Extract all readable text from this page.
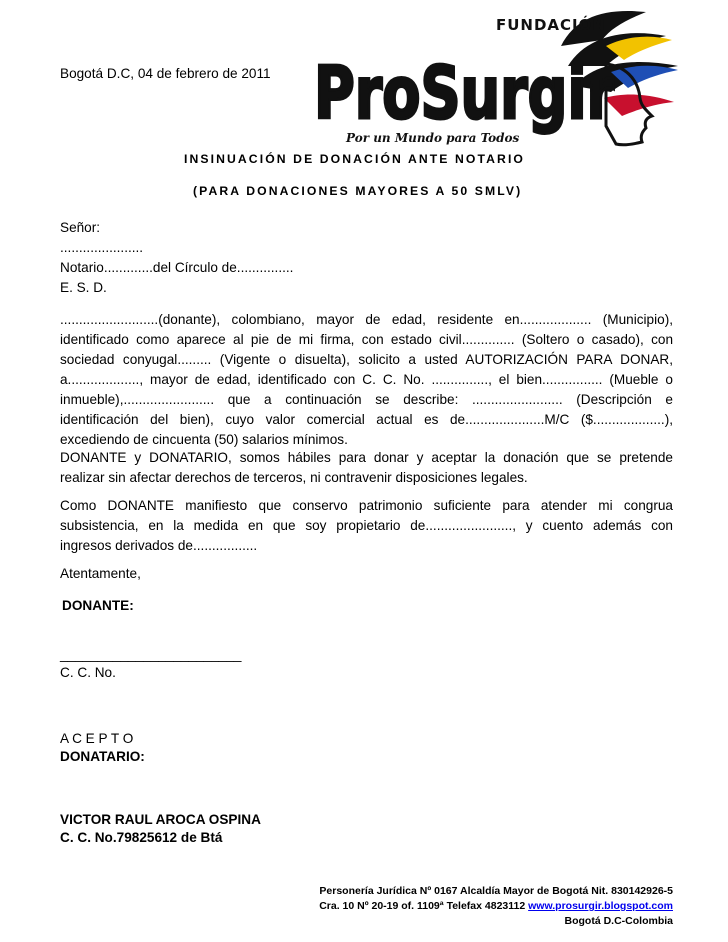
Bogotá D.C, 04 de febrero de 2011
FUNDACIÓN
ProSurgir
Por un Mundo para Todos
INSINUACIÓN DE DONACIÓN ANTE NOTARIO
(PARA DONACIONES MAYORES A 50 SMLV)
Señor:
......................
Notario.............del Círculo de...............
E. S. D.
..........................(donante), colombiano, mayor de edad, residente en................... (Municipio),
identificado como aparece al pie de mi firma, con estado civil.............. (Soltero o casado), con
sociedad conyugal......... (Vigente o disuelta), solicito a usted AUTORIZACIÓN PARA DONAR,
a..................., mayor de edad, identificado con C. C. No. ..............., el bien................ (Mueble o
inmueble),........................ que a continuación se describe: ........................ (Descripción e
identificación del bien), cuyo valor comercial actual es de.....................M/C ($...................),
excediendo de cincuenta (50) salarios mínimos.
DONANTE y DONATARIO, somos hábiles para donar y aceptar la donación que se pretende
realizar sin afectar derechos de terceros, ni contravenir disposiciones legales.
Como DONANTE manifiesto que conservo patrimonio suficiente para atender mi congrua
subsistencia, en la medida en que soy propietario de......................., y cuento además con
ingresos derivados de.................
Atentamente,
DONANTE:
________________________
C. C. No.
A C E P T O
DONATARIO:
VICTOR RAUL AROCA OSPINA
C. C. No.79825612 de Btá
Personería Jurídica Nº 0167 Alcaldía Mayor de Bogotá Nit. 830142926-5
Cra. 10 Nº 20-19 of. 1109ª Telefax 4823112 www.prosurgir.blogspot.com
Bogotá D.C-Colombia
